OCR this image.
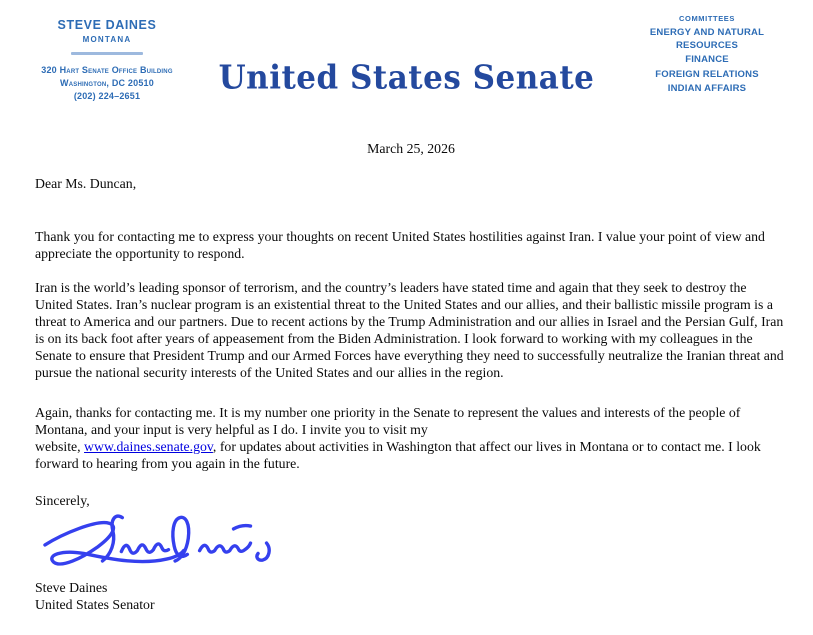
STEVE DAINES
MONTANA
320 Hart Senate Office Building
Washington, DC 20510
(202) 224–2651	United States Senate
COMMITTEES
ENERGY AND NATURAL RESOURCES
FINANCE
FOREIGN RELATIONS
INDIAN AFFAIRS
March 25, 2026
Dear Ms. Duncan,
Thank you for contacting me to express your thoughts on recent United States hostilities against Iran. I value your point of view and appreciate the opportunity to respond.
Iran is the world’s leading sponsor of terrorism, and the country’s leaders have stated time and again that they seek to destroy the United States. Iran’s nuclear program is an existential threat to the United States and our allies, and their ballistic missile program is a threat to America and our partners. Due to recent actions by the Trump Administration and our allies in Israel and the Persian Gulf, Iran is on its back foot after years of appeasement from the Biden Administration. I look forward to working with my colleagues in the Senate to ensure that President Trump and our Armed Forces have everything they need to successfully neutralize the Iranian threat and pursue the national security interests of the United States and our allies in the region.
Again, thanks for contacting me. It is my number one priority in the Senate to represent the values and interests of the people of Montana, and your input is very helpful as I do. I invite you to visit my
website, www.daines.senate.gov, for updates about activities in Washington that affect our lives in Montana or to contact me. I look forward to hearing from you again in the future.
Sincerely,
Steve Daines
United States Senator
